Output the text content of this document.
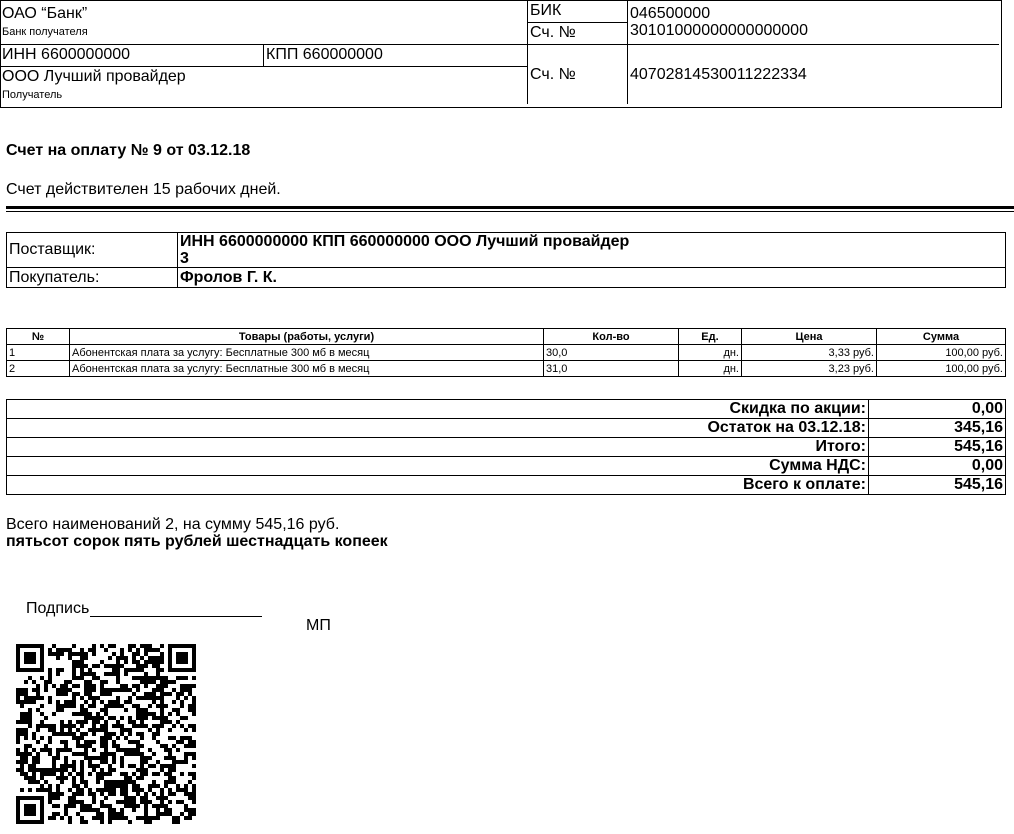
ОАО “Банк”
Банк получателя
БИК	046500000
Сч. №	30101000000000000000
ИНН 6600000000	КПП 660000000
ООО Лучший провайдер
Получатель
Сч. №	40702814530011222334
Счет на оплату № 9 от 03.12.18
Счет действителен 15 рабочих дней.
Поставщик:	ИНН 6600000000 КПП 660000000 ООО Лучший провайдер
3

Покупатель:	Фролов Г. К.
№	Товары (работы, услуги)	Кол-во	Ед.	Цена	Сумма
1	Абонентская плата за услугу: Бесплатные 300 мб в месяц	30,0	дн.	3,33 руб.	100,00 руб.
2	Абонентская плата за услугу: Бесплатные 300 мб в месяц	31,0	дн.	3,23 руб.	100,00 руб.
Скидка по акции:	0,00
Остаток на 03.12.18:	345,16
Итого:	545,16
Сумма НДС:	0,00
Всего к оплате:	545,16
Всего наименований 2, на сумму 545,16 руб.
пятьсот сорок пять рублей шестнадцать копеек
Подпись
МП
